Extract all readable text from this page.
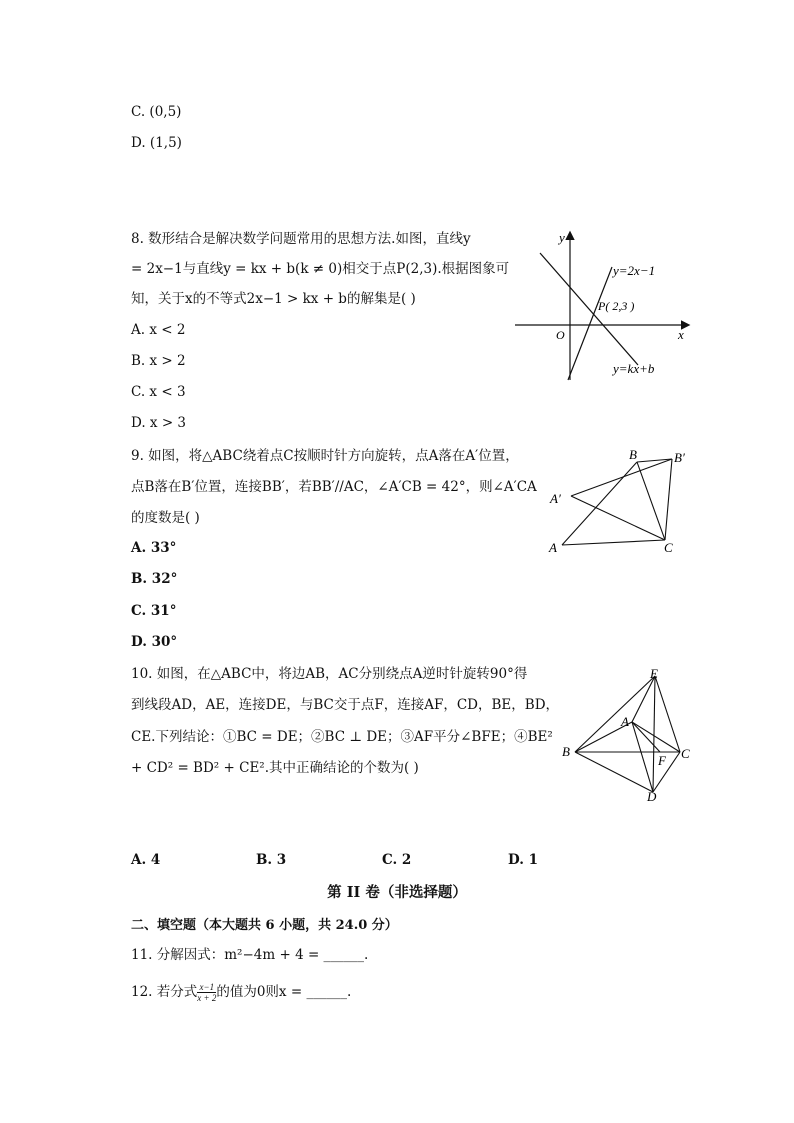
C. (0,5)
D. (1,5)
8. 数形结合是解决数学问题常用的思想方法.如图，直线y
= 2x−1与直线y = kx + b(k ≠ 0)相交于点P(2,3).根据图象可
知，关于x的不等式2x−1 > kx + b的解集是( )
A. x < 2
B. x > 2
C. x < 3
D. x > 3
y
x
O
y=2x−1
P( 2,3 )
y=kx+b
9. 如图，将△ABC绕着点C按顺时针方向旋转，点A落在A′位置，
点B落在B′位置，连接BB′，若BB′//AC，∠A′CB = 42°，则∠A′CA
的度数是( )
A. 33°
B. 32°
C. 31°
D. 30°
B	B′
A′
A	C
10. 如图，在△ABC中，将边AB，AC分别绕点A逆时针旋转90°得
到线段AD，AE，连接DE，与BC交于点F，连接AF，CD，BE，BD，
CE.下列结论：①BC = DE；②BC ⊥ DE；③AF平分∠BFE；④BE²
+ CD² = BD² + CE².其中正确结论的个数为( )
E
A
B	C
F
D
A. 4	B. 3	C. 2	D. 1
第 II 卷（非选择题）
二、填空题（本大题共 6 小题，共 24.0 分）
11. 分解因式：m²−4m + 4 = ______.
12. 若分式 $\frac{x-1}{x + 2}$ 的值为0则x = ______.
